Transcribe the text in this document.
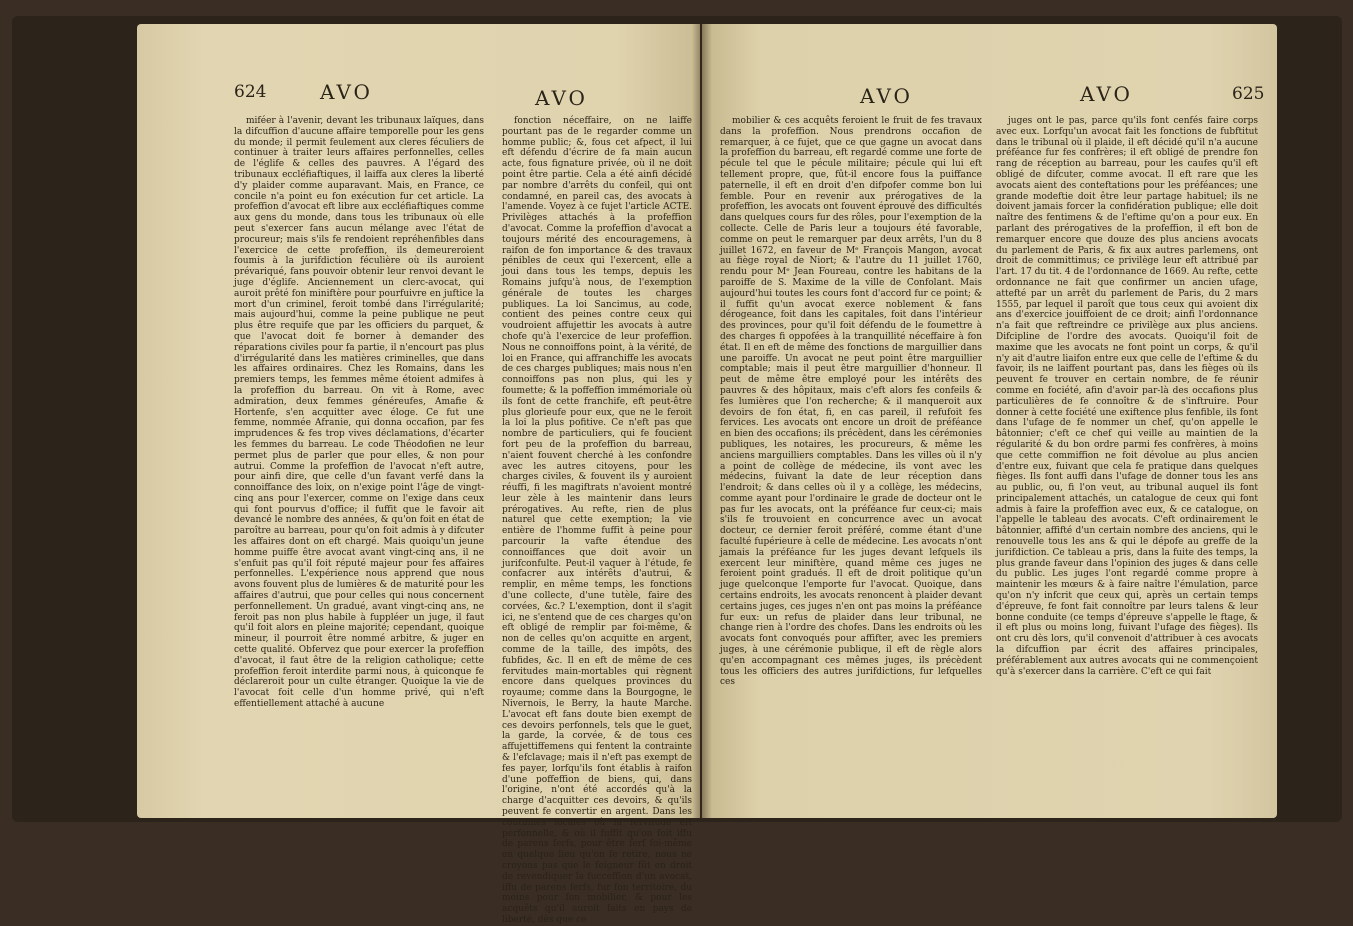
624	AVO	AVO

miféer à l'avenir, devant les tribunaux laïques, dans la difcuffion d'aucune affaire temporelle pour les gens du monde; il permit feulement aux cleres féculiers de continuer à traiter leurs affaires perfonnelles, celles de l'églife & celles des pauvres. A l'égard des tribunaux eccléfiaftiques, il laiffa aux cleres la liberté d'y plaider comme auparavant. Mais, en France, ce concile n'a point eu fon exécution fur cet article. La profeffion d'avocat eft libre aux eccléfiaftiques comme aux gens du monde, dans tous les tribunaux où elle peut s'exercer fans aucun mélange avec l'état de procureur; mais s'ils fe rendoient repréhenfibles dans l'exercice de cette profeffion, ils demeureroient foumis à la jurifdiction féculière où ils auroient prévariqué, fans pouvoir obtenir leur renvoi devant le juge d'églife. Anciennement un clerc-avocat, qui auroit prêté fon miniftère pour pourfuivre en juftice la mort d'un criminel, feroit tombé dans l'irrégularité; mais aujourd'hui, comme la peine publique ne peut plus être requife que par les officiers du parquet, & que l'avocat doit fe borner à demander des réparations civiles pour fa partie, il n'encourt pas plus d'irrégularité dans les matières criminelles, que dans les affaires ordinaires. Chez les Romains, dans les premiers temps, les femmes même étoient admifes à la profeffion du barreau. On vit à Rome, avec admiration, deux femmes généreufes, Amafie & Hortenfe, s'en acquitter avec éloge. Ce fut une femme, nommée Afranie, qui donna occafion, par fes imprudences & fes trop vives déclamations, d'écarter les femmes du barreau. Le code Théodofien ne leur permet plus de parler que pour elles, & non pour autrui. Comme la profeffion de l'avocat n'eft autre, pour ainfi dire, que celle d'un favant verfé dans la connoiffance des loix, on n'exige point l'âge de vingt-cinq ans pour l'exercer, comme on l'exige dans ceux qui font pourvus d'office; il fuffit que le favoir ait devancé le nombre des années, & qu'on foit en état de paroître au barreau, pour qu'on foit admis à y difcuter les affaires dont on eft chargé. Mais quoiqu'un jeune homme puiffe être avocat avant vingt-cinq ans, il ne s'enfuit pas qu'il foit réputé majeur pour fes affaires perfonnelles. L'expérience nous apprend que nous avons fouvent plus de lumières & de maturité pour les affaires d'autrui, que pour celles qui nous concernent perfonnellement. Un gradué, avant vingt-cinq ans, ne feroit pas non plus habile à fuppléer un juge, il faut qu'il foit alors en pleine majorité; cependant, quoique mineur, il pourroit être nommé arbitre, & juger en cette qualité. Obfervez que pour exercer la profeffion d'avocat, il faut être de la religion catholique; cette profeffion feroit interdite parmi nous, à quiconque fe déclareroit pour un culte étranger. Quoique la vie de l'avocat foit celle d'un homme privé, qui n'eft effentiellement attaché à aucune

fonction néceffaire, on ne laiffe pourtant pas de le regarder comme un homme public; &, fous cet afpect, il lui eft défendu d'écrire de fa main aucun acte, fous fignature privée, où il ne doit point être partie. Cela a été ainfi décidé par nombre d'arrêts du confeil, qui ont condamné, en pareil cas, des avocats à l'amende. Voyez à ce fujet l'article ACTE. Privilèges attachés à la profeffion d'avocat. Comme la profeffion d'avocat a toujours mérité des encouragemens, à raifon de fon importance & des travaux pénibles de ceux qui l'exercent, elle a joui dans tous les temps, depuis les Romains jufqu'à nous, de l'exemption générale de toutes les charges publiques. La loi Sancimus, au code, contient des peines contre ceux qui voudroient affujettir les avocats à autre chofe qu'à l'exercice de leur profeffion. Nous ne connoiffons point, à la vérité, de loi en France, qui affranchiffe les avocats de ces charges publiques; mais nous n'en connoiffons pas non plus, qui les y foumette; & la poffeffion immémoriale où ils font de cette franchife, eft peut-être plus glorieufe pour eux, que ne le feroit la loi la plus pofitive. Ce n'eft pas que nombre de particuliers, qui fe foucient fort peu de la profeffion du barreau, n'aient fouvent cherché à les confondre avec les autres citoyens, pour les charges civiles, & fouvent ils y auroient réuffi, fi les magiftrats n'avoient montré leur zèle à les maintenir dans leurs prérogatives. Au refte, rien de plus naturel que cette exemption; la vie entière de l'homme fuffit à peine pour parcourir la vafte étendue des connoiffances que doit avoir un jurifconfulte. Peut-il vaquer à l'étude, fe confacrer aux intérêts d'autrui, & remplir, en même temps, les fonctions d'une collecte, d'une tutèle, faire des corvées, &c.? L'exemption, dont il s'agit ici, ne s'entend que de ces charges qu'on eft obligé de remplir par foi-même, & non de celles qu'on acquitte en argent, comme de la taille, des impôts, des fubfides, &c. Il en eft de même de ces fervitudes main-mortables qui règnent encore dans quelques provinces du royaume; comme dans la Bourgogne, le Nivernois, le Berry, la haute Marche. L'avocat eft fans doute bien exempt de ces devoirs perfonnels, tels que le guet, la garde, la corvée, & de tous ces affujettiffemens qui fentent la contrainte & l'efclavage; mais il n'eft pas exempt de fes payer, lorfqu'ils font établis à raifon d'une poffeffion de biens, qui, dans l'origine, n'ont été accordés qu'à la charge d'acquitter ces devoirs, & qu'ils peuvent fe convertir en argent. Dans les coutumes locales où la fervitude eft perfonnelle, & où il fuffit qu'on foit iffu de parens ferfs, pour être ferf foi-même en quelque lieu qu'on fe retire, nous ne croyons pas que le feigneur fût en droit de revendiquer la fucceffion d'un avocat, iffu de parens ferfs, fur fon territoire, du moins pour fon mobilier, & pour les acquêts qu'il auroit faits en pays de liberté, dès que ce

AVO	AVO	625

mobilier & ces acquêts feroient le fruit de fes travaux dans la profeffion. Nous prendrons occafion de remarquer, à ce fujet, que ce que gagne un avocat dans la profeffion du barreau, eft regardé comme une forte de pécule tel que le pécule militaire; pécule qui lui eft tellement propre, que, fût-il encore fous la puiffance paternelle, il eft en droit d'en difpofer comme bon lui femble. Pour en revenir aux prérogatives de la profeffion, les avocats ont fouvent éprouvé des difficultés dans quelques cours fur des rôles, pour l'exemption de la collecte. Celle de Paris leur a toujours été favorable, comme on peut le remarquer par deux arrêts, l'un du 8 juillet 1672, en faveur de Mᵉ François Mangon, avocat au fiège royal de Niort; & l'autre du 11 juillet 1760, rendu pour Mᵉ Jean Foureau, contre les habitans de la paroiffe de S. Maxime de la ville de Confolant. Mais aujourd'hui toutes les cours font d'accord fur ce point; & il fuffit qu'un avocat exerce noblement & fans dérogeance, foit dans les capitales, foit dans l'intérieur des provinces, pour qu'il foit défendu de le foumettre à des charges fi oppofées à la tranquillité néceffaire à fon état. Il en eft de même des fonctions de marguillier dans une paroiffe. Un avocat ne peut point être marguillier comptable; mais il peut être marguillier d'honneur. Il peut de même être employé pour les intérêts des pauvres & des hôpitaux, mais c'eft alors fes confeils & fes lumières que l'on recherche; & il manqueroit aux devoirs de fon état, fi, en cas pareil, il refufoit fes fervices. Les avocats ont encore un droit de préféance en bien des occafions; ils précèdent, dans les cérémonies publiques, les notaires, les procureurs, & même les anciens marguilliers comptables. Dans les villes où il n'y a point de collège de médecine, ils vont avec les médecins, fuivant la date de leur réception dans l'endroit; & dans celles où il y a collège, les médecins, comme ayant pour l'ordinaire le grade de docteur ont le pas fur les avocats, ont la préféance fur ceux-ci; mais s'ils fe trouvoient en concurrence avec un avocat docteur, ce dernier feroit préféré, comme étant d'une faculté fupérieure à celle de médecine. Les avocats n'ont jamais la préféance fur les juges devant lefquels ils exercent leur miniftère, quand même ces juges ne feroient point gradués. Il eft de droit politique qu'un juge quelconque l'emporte fur l'avocat. Quoique, dans certains endroits, les avocats renoncent à plaider devant certains juges, ces juges n'en ont pas moins la préféance fur eux: un refus de plaider dans leur tribunal, ne change rien à l'ordre des chofes. Dans les endroits où les avocats font convoqués pour affifter, avec les premiers juges, à une cérémonie publique, il eft de règle alors qu'en accompagnant ces mêmes juges, ils précèdent tous les officiers des autres jurifdictions, fur lefquelles ces

juges ont le pas, parce qu'ils font cenfés faire corps avec eux. Lorfqu'un avocat fait les fonctions de fubftitut dans le tribunal où il plaide, il eft décidé qu'il n'a aucune préféance fur fes confrères; il eft obligé de prendre fon rang de réception au barreau, pour les caufes qu'il eft obligé de difcuter, comme avocat. Il eft rare que les avocats aient des conteftations pour les préféances; une grande modeftie doit être leur partage habituel; ils ne doivent jamais forcer la confidération publique; elle doit naître des fentimens & de l'eftime qu'on a pour eux. En parlant des prérogatives de la profeffion, il eft bon de remarquer encore que douze des plus anciens avocats du parlement de Paris, & fix aux autres parlemens, ont droit de committimus; ce privilège leur eft attribué par l'art. 17 du tit. 4 de l'ordonnance de 1669. Au refte, cette ordonnance ne fait que confirmer un ancien ufage, attefté par un arrêt du parlement de Paris, du 2 mars 1555, par lequel il paroît que tous ceux qui avoient dix ans d'exercice jouiffoient de ce droit; ainfi l'ordonnance n'a fait que reftreindre ce privilège aux plus anciens. Difcipline de l'ordre des avocats. Quoiqu'il foit de maxime que les avocats ne font point un corps, & qu'il n'y ait d'autre liaifon entre eux que celle de l'eftime & du favoir, ils ne laiffent pourtant pas, dans les fièges où ils peuvent fe trouver en certain nombre, de fe réunir comme en fociété, afin d'avoir par-là des occafions plus particulières de fe connoître & de s'inftruire. Pour donner à cette fociété une exiftence plus fenfible, ils font dans l'ufage de fe nommer un chef, qu'on appelle le bâtonnier; c'eft ce chef qui veille au maintien de la régularité & du bon ordre parmi fes confrères, à moins que cette commiffion ne foit dévolue au plus ancien d'entre eux, fuivant que cela fe pratique dans quelques fièges. Ils font auffi dans l'ufage de donner tous les ans au public, ou, fi l'on veut, au tribunal auquel ils font principalement attachés, un catalogue de ceux qui font admis à faire la profeffion avec eux, & ce catalogue, on l'appelle le tableau des avocats. C'eft ordinairement le bâtonnier, affifté d'un certain nombre des anciens, qui le renouvelle tous les ans & qui le dépofe au greffe de la jurifdiction. Ce tableau a pris, dans la fuite des temps, la plus grande faveur dans l'opinion des juges & dans celle du public. Les juges l'ont regardé comme propre à maintenir les mœurs & à faire naître l'émulation, parce qu'on n'y infcrit que ceux qui, après un certain temps d'épreuve, fe font fait connoître par leurs talens & leur bonne conduite (ce temps d'épreuve s'appelle le ftage, & il eft plus ou moins long, fuivant l'ufage des fièges). Ils ont cru dès lors, qu'il convenoit d'attribuer à ces avocats la difcuffion par écrit des affaires principales, préférablement aux autres avocats qui ne commençoient qu'à s'exercer dans la carrière. C'eft ce qui fait
